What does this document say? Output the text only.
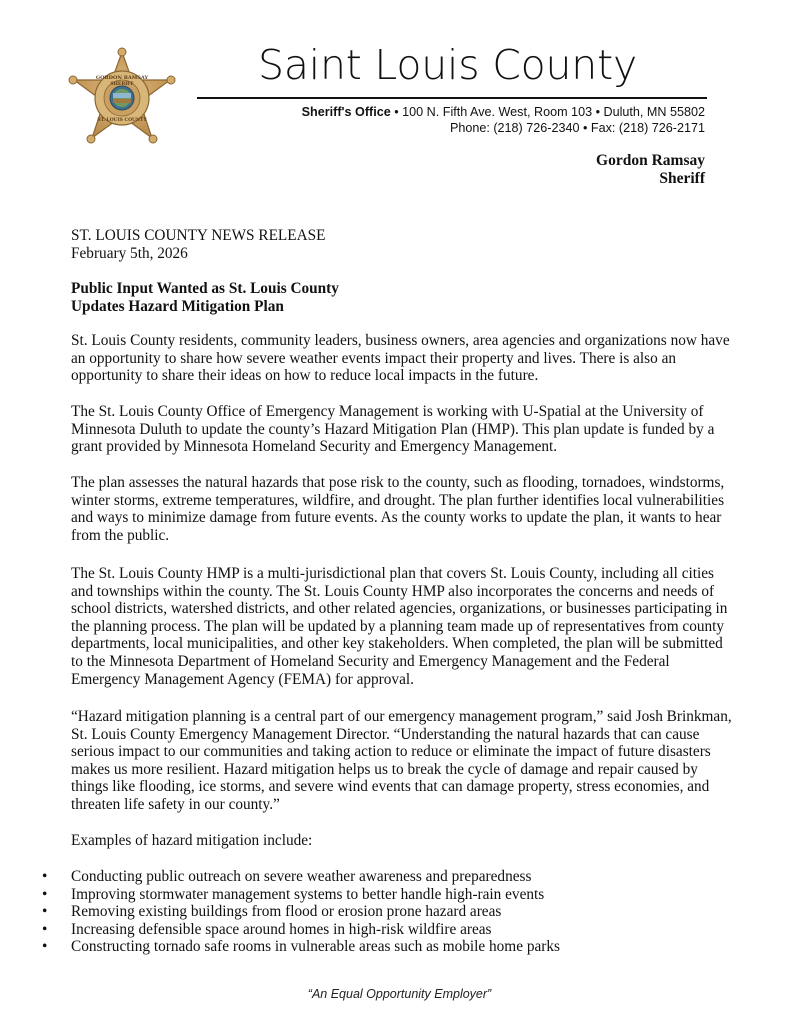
GORDON RAMSAY
SHERIFF
ST. LOUIS COUNTY
Saint Louis County
Sheriff's Office • 100 N. Fifth Ave. West, Room 103 • Duluth, MN 55802
Phone: (218) 726-2340 • Fax: (218) 726-2171
Gordon Ramsay
Sheriff

ST. LOUIS COUNTY NEWS RELEASE

February 5th, 2026

Public Input Wanted as St. Louis County

Updates Hazard Mitigation Plan

St. Louis County residents, community leaders, business owners, area agencies and organizations now have an opportunity to share how severe weather events impact their property and lives. There is also an opportunity to share their ideas on how to reduce local impacts in the future.

The St. Louis County Office of Emergency Management is working with U-Spatial at the University of Minnesota Duluth to update the county’s Hazard Mitigation Plan (HMP). This plan update is funded by a grant provided by Minnesota Homeland Security and Emergency Management.

The plan assesses the natural hazards that pose risk to the county, such as flooding, tornadoes, windstorms, winter storms, extreme temperatures, wildfire, and drought. The plan further identifies local vulnerabilities and ways to minimize damage from future events. As the county works to update the plan, it wants to hear from the public.

The St. Louis County HMP is a multi-jurisdictional plan that covers St. Louis County, including all cities and townships within the county. The St. Louis County HMP also incorporates the concerns and needs of school districts, watershed districts, and other related agencies, organizations, or businesses participating in the planning process. The plan will be updated by a planning team made up of representatives from county departments, local municipalities, and other key stakeholders. When completed, the plan will be submitted to the Minnesota Department of Homeland Security and Emergency Management and the Federal Emergency Management Agency (FEMA) for approval.

“Hazard mitigation planning is a central part of our emergency management program,” said Josh Brinkman, St. Louis County Emergency Management Director. “Understanding the natural hazards that can cause serious impact to our communities and taking action to reduce or eliminate the impact of future disasters makes us more resilient. Hazard mitigation helps us to break the cycle of damage and repair caused by things like flooding, ice storms, and severe wind events that can damage property, stress economies, and threaten life safety in our county.”

Examples of hazard mitigation include:
• Conducting public outreach on severe weather awareness and preparedness
• Improving stormwater management systems to better handle high-rain events
• Removing existing buildings from flood or erosion prone hazard areas
• Increasing defensible space around homes in high-risk wildfire areas
• Constructing tornado safe rooms in vulnerable areas such as mobile home parks
“An Equal Opportunity Employer”
